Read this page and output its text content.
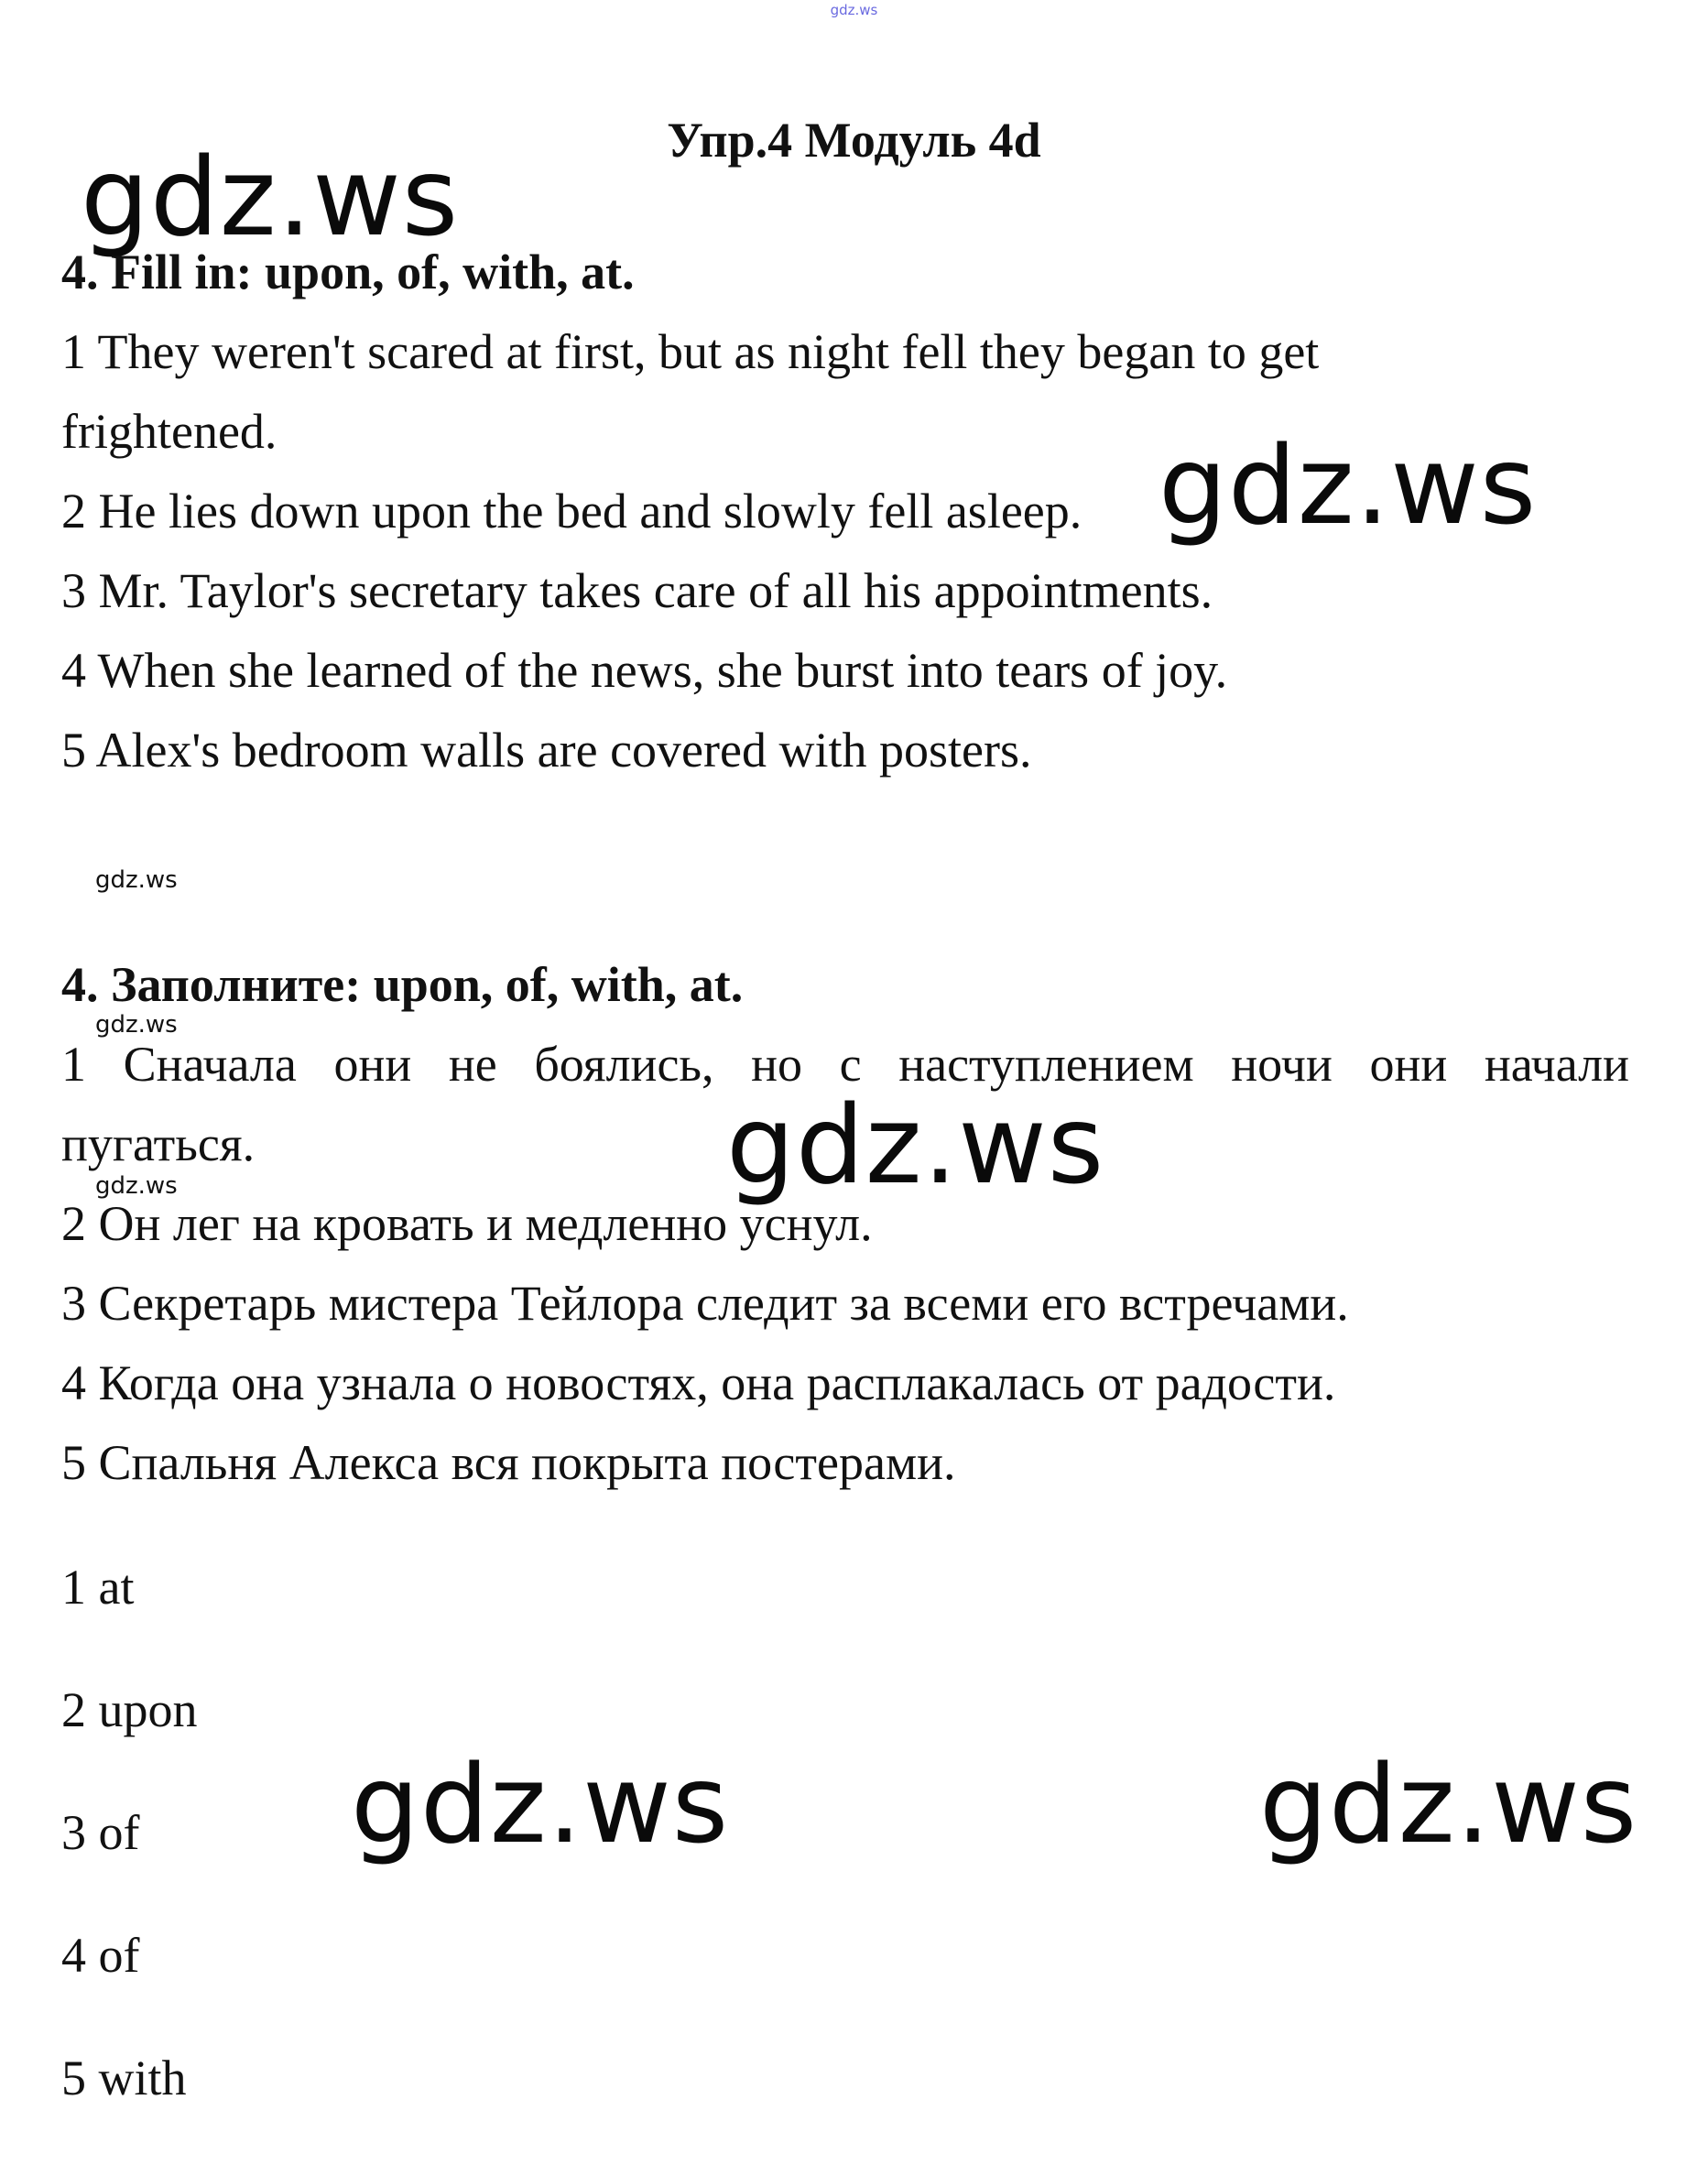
gdz.ws
Упр.4 Модуль 4d
gdz.ws
gdz.ws
gdz.ws
gdz.ws	gdz.ws
4. Fill in: upon, of, with, at.
1 They weren't scared at first, but as night fell they began to get
frightened.
2 He lies down upon the bed and slowly fell asleep.
3 Mr. Taylor's secretary takes care of all his appointments.
4 When she learned of the news, she burst into tears of joy.
5 Alex's bedroom walls are covered with posters.
gdz.ws
4. Заполните: upon, of, with, at.
gdz.ws
1 Сначала они не боялись, но с наступлением ночи они начали
пугаться.
gdz.ws
2 Он лег на кровать и медленно уснул.
3 Секретарь мистера Тейлора следит за всеми его встречами.
4 Когда она узнала о новостях, она расплакалась от радости.
5 Спальня Алекса вся покрыта постерами.
1 at
2 upon
3 of
4 of
5 with
